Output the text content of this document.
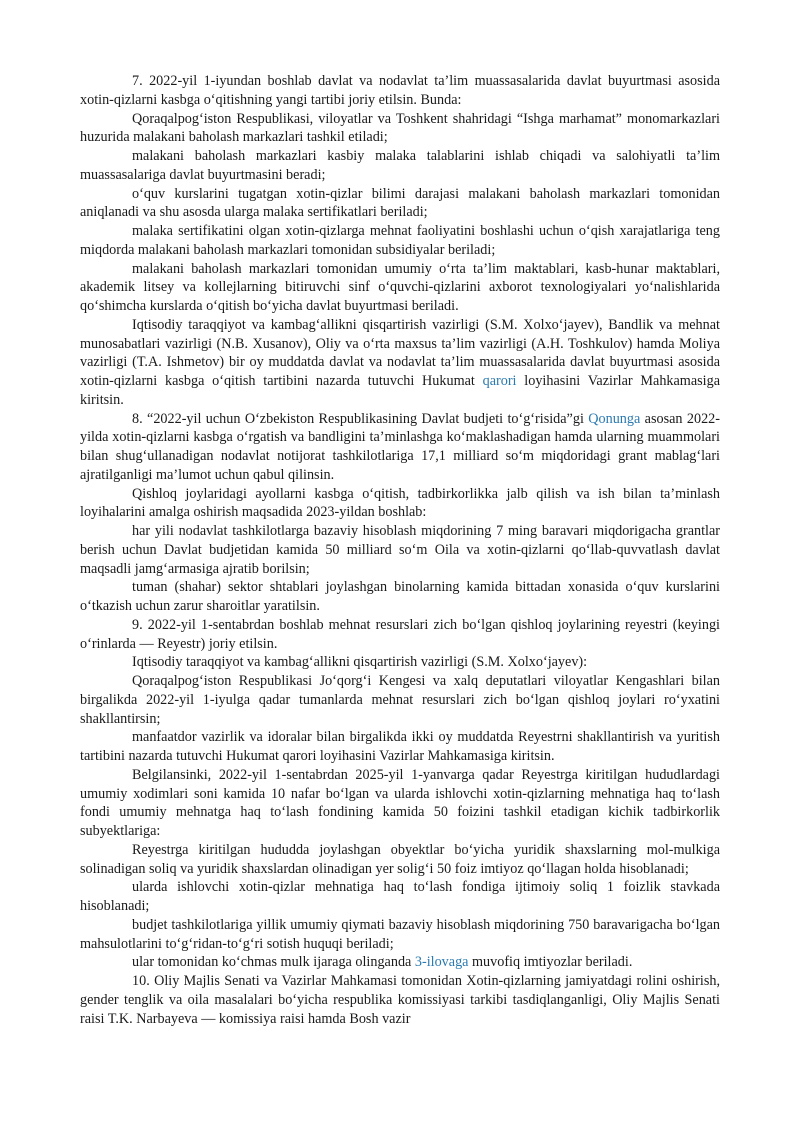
7. 2022-yil 1-iyundan boshlab davlat va nodavlat ta’lim muassasalarida davlat buyurtmasi asosida xotin-qizlarni kasbga o‘qitishning yangi tartibi joriy etilsin. Bunda:

Qoraqalpog‘iston Respublikasi, viloyatlar va Toshkent shahridagi “Ishga marhamat” monomarkazlari huzurida malakani baholash markazlari tashkil etiladi;

malakani baholash markazlari kasbiy malaka talablarini ishlab chiqadi va salohiyatli ta’lim muassasalariga davlat buyurtmasini beradi;

o‘quv kurslarini tugatgan xotin-qizlar bilimi darajasi malakani baholash markazlari tomonidan aniqlanadi va shu asosda ularga malaka sertifikatlari beriladi;

malaka sertifikatini olgan xotin-qizlarga mehnat faoliyatini boshlashi uchun o‘qish xarajatlariga teng miqdorda malakani baholash markazlari tomonidan subsidiyalar beriladi;

malakani baholash markazlari tomonidan umumiy o‘rta ta’lim maktablari, kasb-hunar maktablari, akademik litsey va kollejlarning bitiruvchi sinf o‘quvchi-qizlarini axborot texnologiyalari yo‘nalishlarida qo‘shimcha kurslarda o‘qitish bo‘yicha davlat buyurtmasi beriladi.

Iqtisodiy taraqqiyot va kambag‘allikni qisqartirish vazirligi (S.M. Xolxo‘jayev), Bandlik va mehnat munosabatlari vazirligi (N.B. Xusanov), Oliy va o‘rta maxsus ta’lim vazirligi (A.H. Toshkulov) hamda Moliya vazirligi (T.A. Ishmetov) bir oy muddatda davlat va nodavlat ta’lim muassasalarida davlat buyurtmasi asosida xotin-qizlarni kasbga o‘qitish tartibini nazarda tutuvchi Hukumat qarori loyihasini Vazirlar Mahkamasiga kiritsin.

8. “2022-yil uchun O‘zbekiston Respublikasining Davlat budjeti to‘g‘risida”gi Qonunga asosan 2022-yilda xotin-qizlarni kasbga o‘rgatish va bandligini ta’minlashga ko‘maklashadigan hamda ularning muammolari bilan shug‘ullanadigan nodavlat notijorat tashkilotlariga 17,1 milliard so‘m miqdoridagi grant mablag‘lari ajratilganligi ma’lumot uchun qabul qilinsin.

Qishloq joylaridagi ayollarni kasbga o‘qitish, tadbirkorlikka jalb qilish va ish bilan ta’minlash loyihalarini amalga oshirish maqsadida 2023-yildan boshlab:

har yili nodavlat tashkilotlarga bazaviy hisoblash miqdorining 7 ming baravari miqdorigacha grantlar berish uchun Davlat budjetidan kamida 50 milliard so‘m Oila va xotin-qizlarni qo‘llab-quvvatlash davlat maqsadli jamg‘armasiga ajratib borilsin;

tuman (shahar) sektor shtablari joylashgan binolarning kamida bittadan xonasida o‘quv kurslarini o‘tkazish uchun zarur sharoitlar yaratilsin.

9. 2022-yil 1-sentabrdan boshlab mehnat resurslari zich bo‘lgan qishloq joylarining reyestri (keyingi o‘rinlarda — Reyestr) joriy etilsin.

Iqtisodiy taraqqiyot va kambag‘allikni qisqartirish vazirligi (S.M. Xolxo‘jayev):

Qoraqalpog‘iston Respublikasi Jo‘qorg‘i Kengesi va xalq deputatlari viloyatlar Kengashlari bilan birgalikda 2022-yil 1-iyulga qadar tumanlarda mehnat resurslari zich bo‘lgan qishloq joylari ro‘yxatini shakllantirsin;

manfaatdor vazirlik va idoralar bilan birgalikda ikki oy muddatda Reyestrni shakllantirish va yuritish tartibini nazarda tutuvchi Hukumat qarori loyihasini Vazirlar Mahkamasiga kiritsin.

Belgilansinki, 2022-yil 1-sentabrdan 2025-yil 1-yanvarga qadar Reyestrga kiritilgan hududlardagi umumiy xodimlari soni kamida 10 nafar bo‘lgan va ularda ishlovchi xotin-qizlarning mehnatiga haq to‘lash fondi umumiy mehnatga haq to‘lash fondining kamida 50 foizini tashkil etadigan kichik tadbirkorlik subyektlariga:

Reyestrga kiritilgan hududda joylashgan obyektlar bo‘yicha yuridik shaxslarning mol-mulkiga solinadigan soliq va yuridik shaxslardan olinadigan yer solig‘i 50 foiz imtiyoz qo‘llagan holda hisoblanadi;

ularda ishlovchi xotin-qizlar mehnatiga haq to‘lash fondiga ijtimoiy soliq 1 foizlik stavkada hisoblanadi;

budjet tashkilotlariga yillik umumiy qiymati bazaviy hisoblash miqdorining 750 baravarigacha bo‘lgan mahsulotlarini to‘g‘ridan-to‘g‘ri sotish huquqi beriladi;

ular tomonidan ko‘chmas mulk ijaraga olinganda 3-ilovaga muvofiq imtiyozlar beriladi.

10. Oliy Majlis Senati va Vazirlar Mahkamasi tomonidan Xotin-qizlarning jamiyatdagi rolini oshirish, gender tenglik va oila masalalari bo‘yicha respublika komissiyasi tarkibi tasdiqlanganligi, Oliy Majlis Senati raisi T.K. Narbayeva — komissiya raisi hamda Bosh vazir
